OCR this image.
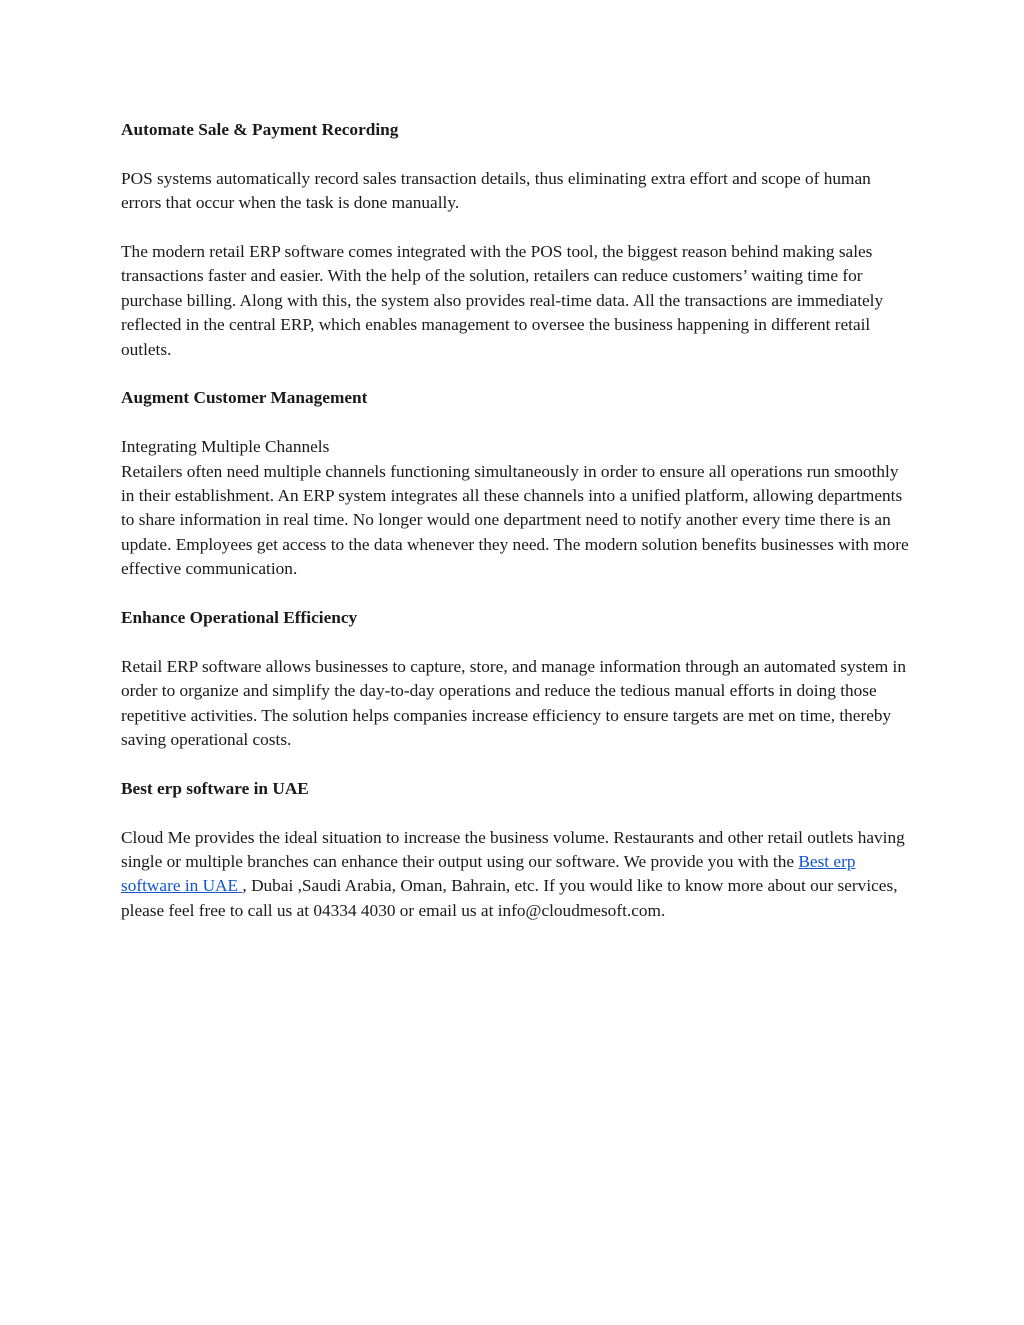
Automate Sale & Payment Recording

POS systems automatically record sales transaction details, thus eliminating extra effort and scope of human errors that occur when the task is done manually.

The modern retail ERP software comes integrated with the POS tool, the biggest reason behind making sales transactions faster and easier. With the help of the solution, retailers can reduce customers’ waiting time for purchase billing. Along with this, the system also provides real-time data. All the transactions are immediately reflected in the central ERP, which enables management to oversee the business happening in different retail outlets.

Augment Customer Management

Integrating Multiple Channels
Retailers often need multiple channels functioning simultaneously in order to ensure all operations run smoothly in their establishment. An ERP system integrates all these channels into a unified platform, allowing departments to share information in real time. No longer would one department need to notify another every time there is an update. Employees get access to the data whenever they need. The modern solution benefits businesses with more effective communication.

Enhance Operational Efficiency

Retail ERP software allows businesses to capture, store, and manage information through an automated system in order to organize and simplify the day-to-day operations and reduce the tedious manual efforts in doing those repetitive activities. The solution helps companies increase efficiency to ensure targets are met on time, thereby saving operational costs.

Best erp software in UAE

Cloud Me provides the ideal situation to increase the business volume. Restaurants and other retail outlets having single or multiple branches can enhance their output using our software. We provide you with the Best erp software in UAE , Dubai ,Saudi Arabia, Oman, Bahrain, etc. If you would like to know more about our services, please feel free to call us at 04334 4030 or email us at info@cloudmesoft.com.
